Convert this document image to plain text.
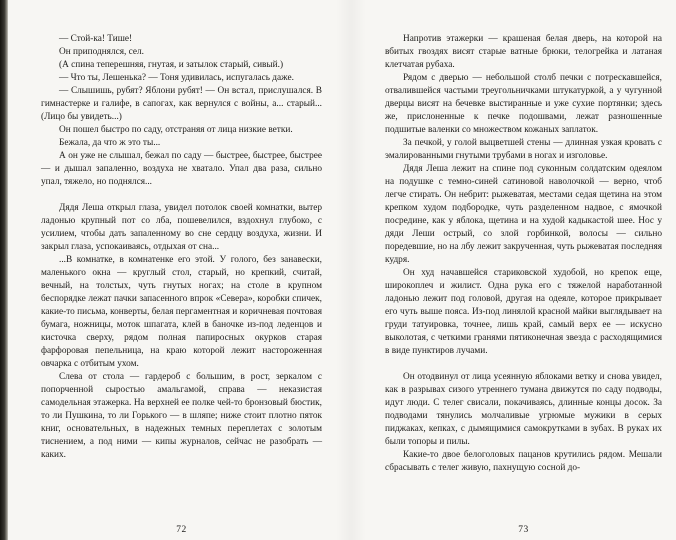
— Стой-ка! Тише!

Он приподнялся, сел.

(А спина теперешняя, гнутая, и затылок старый, сивый.)

— Что ты, Лешенька? — Тоня удивилась, испугалась даже.

— Слышишь, рубят? Яблони рубят! — Он встал, прислушался. В гимнастерке и галифе, в сапогах, как вернулся с войны, а... старый... (Лицо бы увидеть...)

Он пошел быстро по саду, отстраняя от лица низкие ветки.

Бежала, да что ж это ты...

А он уже не слышал, бежал по саду — быстрее, быстрее, быстрее — и дышал запаленно, воздуха не хватало. Упал два раза, сильно упал, тяжело, но поднялся...

Дядя Леша открыл глаза, увидел потолок своей комнатки, вытер ладонью крупный пот со лба, пошевелился, вздохнул глубоко, с усилием, чтобы дать запаленному во сне сердцу воздуха, жизни. И закрыл глаза, успокаиваясь, отдыхая от сна...

...В комнатке, в комнатенке его этой. У голого, без занавески, маленького окна — круглый стол, старый, но крепкий, считай, вечный, на толстых, чуть гнутых ногах; на столе в крупном беспорядке лежат пачки запасенного впрок «Севера», коробки спичек, какие-то письма, конверты, белая пергаментная и коричневая почтовая бумага, ножницы, моток шпагата, клей в баночке из-под леденцов и кисточка сверху, рядом полная папиросных окурков старая фарфоровая пепельница, на краю которой лежит настороженная овчарка с отбитым ухом.

Слева от стола — гардероб с большим, в рост, зеркалом с попорченной сыростью амальгамой, справа — неказистая самодельная этажерка. На верхней ее полке чей-то бронзовый бюстик, то ли Пушкина, то ли Горького — в шляпе; ниже стоит плотно пяток книг, основательных, в надежных темных переплетах с золотым тиснением, а под ними — кипы журналов, сейчас не разобрать — каких.

72

Напротив этажерки — крашеная белая дверь, на которой на вбитых гвоздях висят старые ватные брюки, телогрейка и латаная клетчатая рубаха.

Рядом с дверью — небольшой столб печки с потрескавшейся, отвалившейся частыми треугольничками штукатуркой, а у чугунной дверцы висят на бечевке выстиранные и уже сухие портянки; здесь же, прислоненные к печке подошвами, лежат разношенные подшитые валенки со множеством кожаных заплаток.

За печкой, у голой выцветшей стены — длинная узкая кровать с эмалированными гнутыми трубами в ногах и изголовье.

Дядя Леша лежит на спине под суконным солдатским одеялом на подушке с темно-синей сатиновой наволочкой — верно, чтоб легче стирать. Он небрит: рыжеватая, местами седая щетина на этом крепком худом подбородке, чуть разделенном надвое, с ямочкой посредине, как у яблока, щетина и на худой кадыкастой шее. Нос у дяди Леши острый, со злой горбинкой, волосы — сильно поредевшие, но на лбу лежит закрученная, чуть рыжеватая последняя кудря.

Он худ начавшейся стариковской худобой, но крепок еще, широкоплеч и жилист. Одна рука его с тяжелой наработанной ладонью лежит под головой, другая на одеяле, которое прикрывает его чуть выше пояса. Из-под линялой красной майки выглядывает на груди татуировка, точнее, лишь край, самый верх ее — искусно выколотая, с четкими гранями пятиконечная звезда с расходящимися в виде пунктиров лучами.

Он отодвинул от лица усеянную яблоками ветку и снова увидел, как в разрывах сизого утреннего тумана движутся по саду подводы, идут люди. С телег свисали, покачиваясь, длинные концы досок. За подводами тянулись молчаливые угрюмые мужики в серых пиджаках, кепках, с дымящимися самокрутками в зубах. В руках их были топоры и пилы.

Какие-то двое белоголовых пацанов крутились рядом. Мешали сбрасывать с телег живую, пахнущую сосной до-

73
